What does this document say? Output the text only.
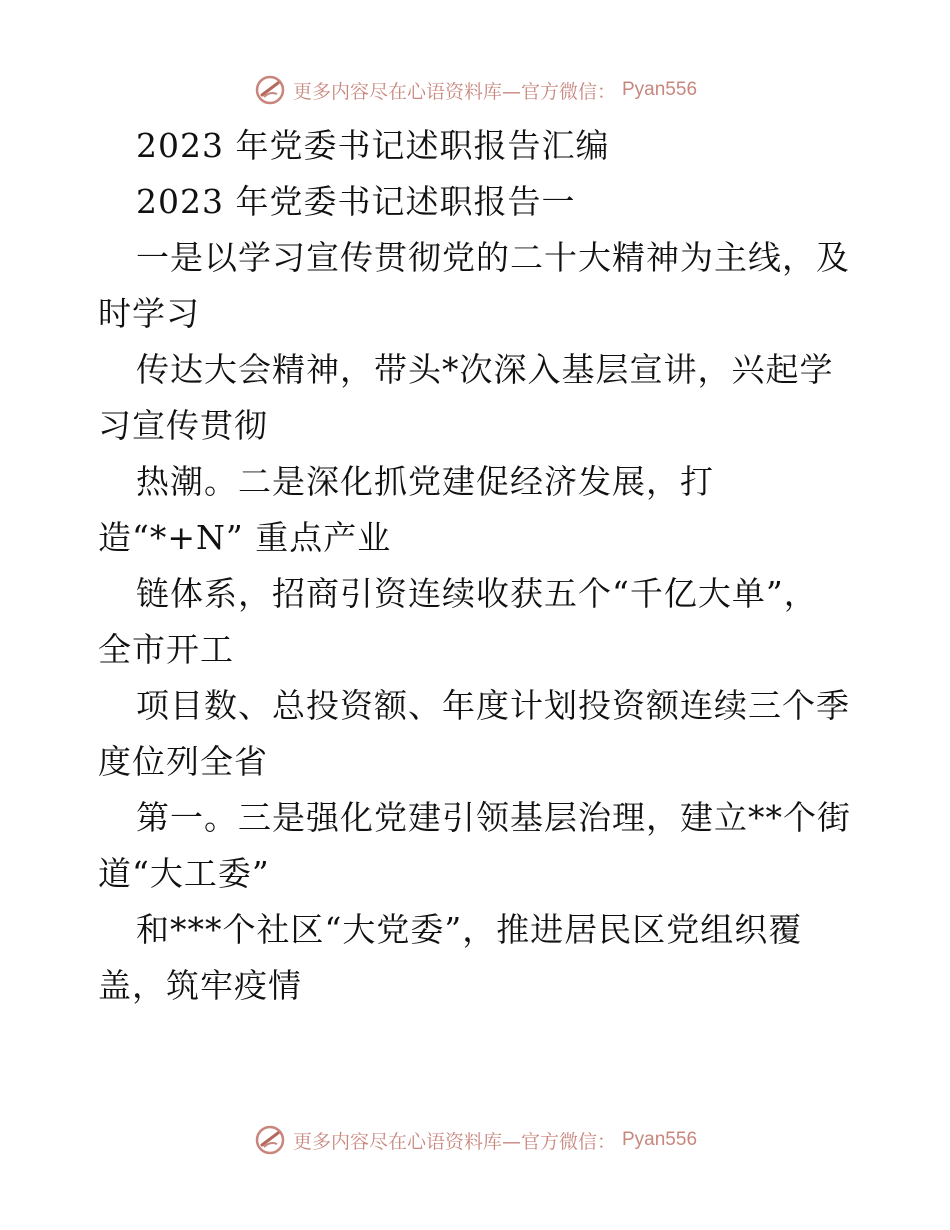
更多内容尽在心语资料库—官方微信： Pyan556
2023 年党委书记述职报告汇编
2023 年党委书记述职报告一
一是以学习宣传贯彻党的二十大精神为主线，及
时学习
传达大会精神，带头*次深入基层宣讲，兴起学
习宣传贯彻
热潮。二是深化抓党建促经济发展，打
造“*+N” 重点产业
链体系，招商引资连续收获五个“千亿大单”，
全市开工
项目数、总投资额、年度计划投资额连续三个季
度位列全省
第一。三是强化党建引领基层治理，建立**个街
道“大工委”
和***个社区“大党委”，推进居民区党组织覆
盖，筑牢疫情
更多内容尽在心语资料库—官方微信： Pyan556
